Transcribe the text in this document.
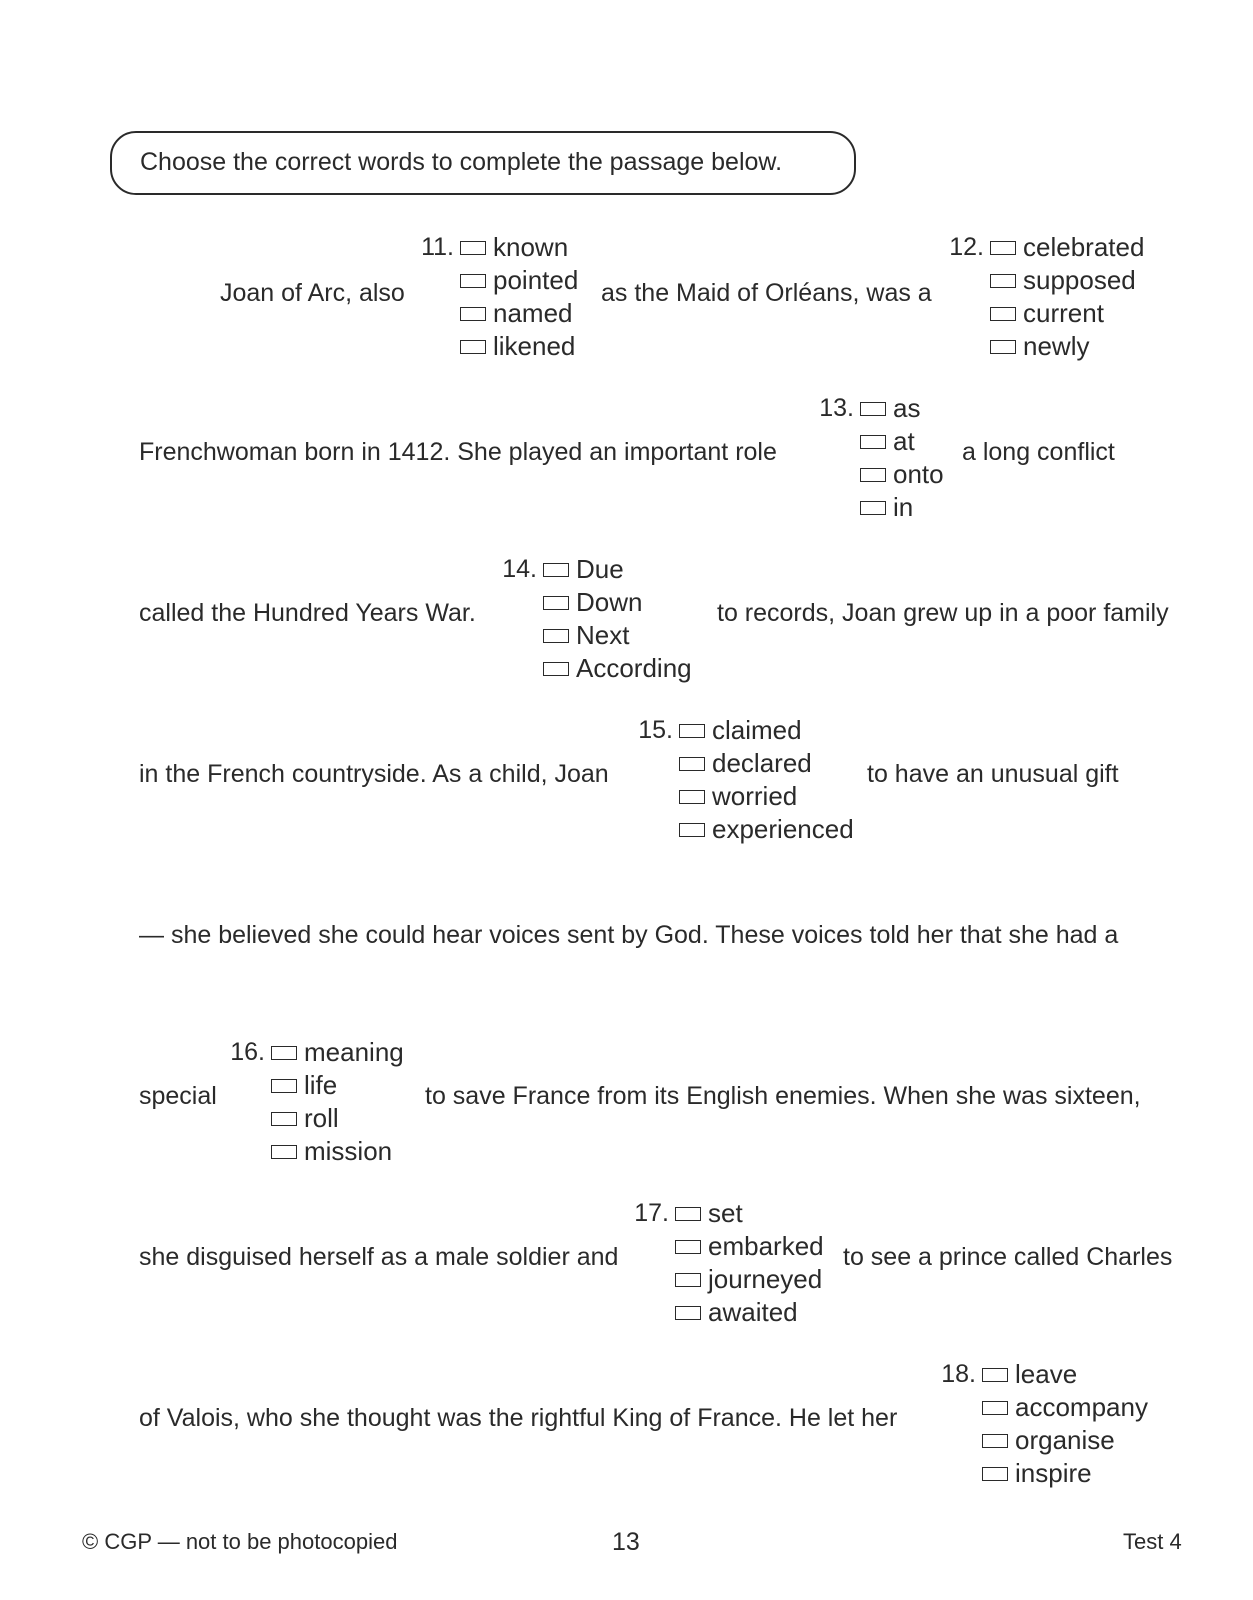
Choose the correct words to complete the passage below.
Joan of Arc, also	as the Maid of Orléans, was a
Frenchwoman born in 1412. She played an important role	a long conflict
called the Hundred Years War.	to records, Joan grew up in a poor family
in the French countryside. As a child, Joan	to have an unusual gift
— she believed she could hear voices sent by God. These voices told her that she had a
special	to save France from its English enemies. When she was sixteen,
she disguised herself as a male soldier and	to see a prince called Charles
of Valois, who she thought was the rightful King of France. He let her
11. known
pointed
named
likened
12. celebrated
supposed
current
newly
13. as
at
onto
in
14. Due
Down
Next
According
15. claimed
declared
worried
experienced
16. meaning
life
roll
mission
17. set
embarked
journeyed
awaited
18. leave
accompany
organise
inspire
© CGP — not to be photocopied	13	Test 4
